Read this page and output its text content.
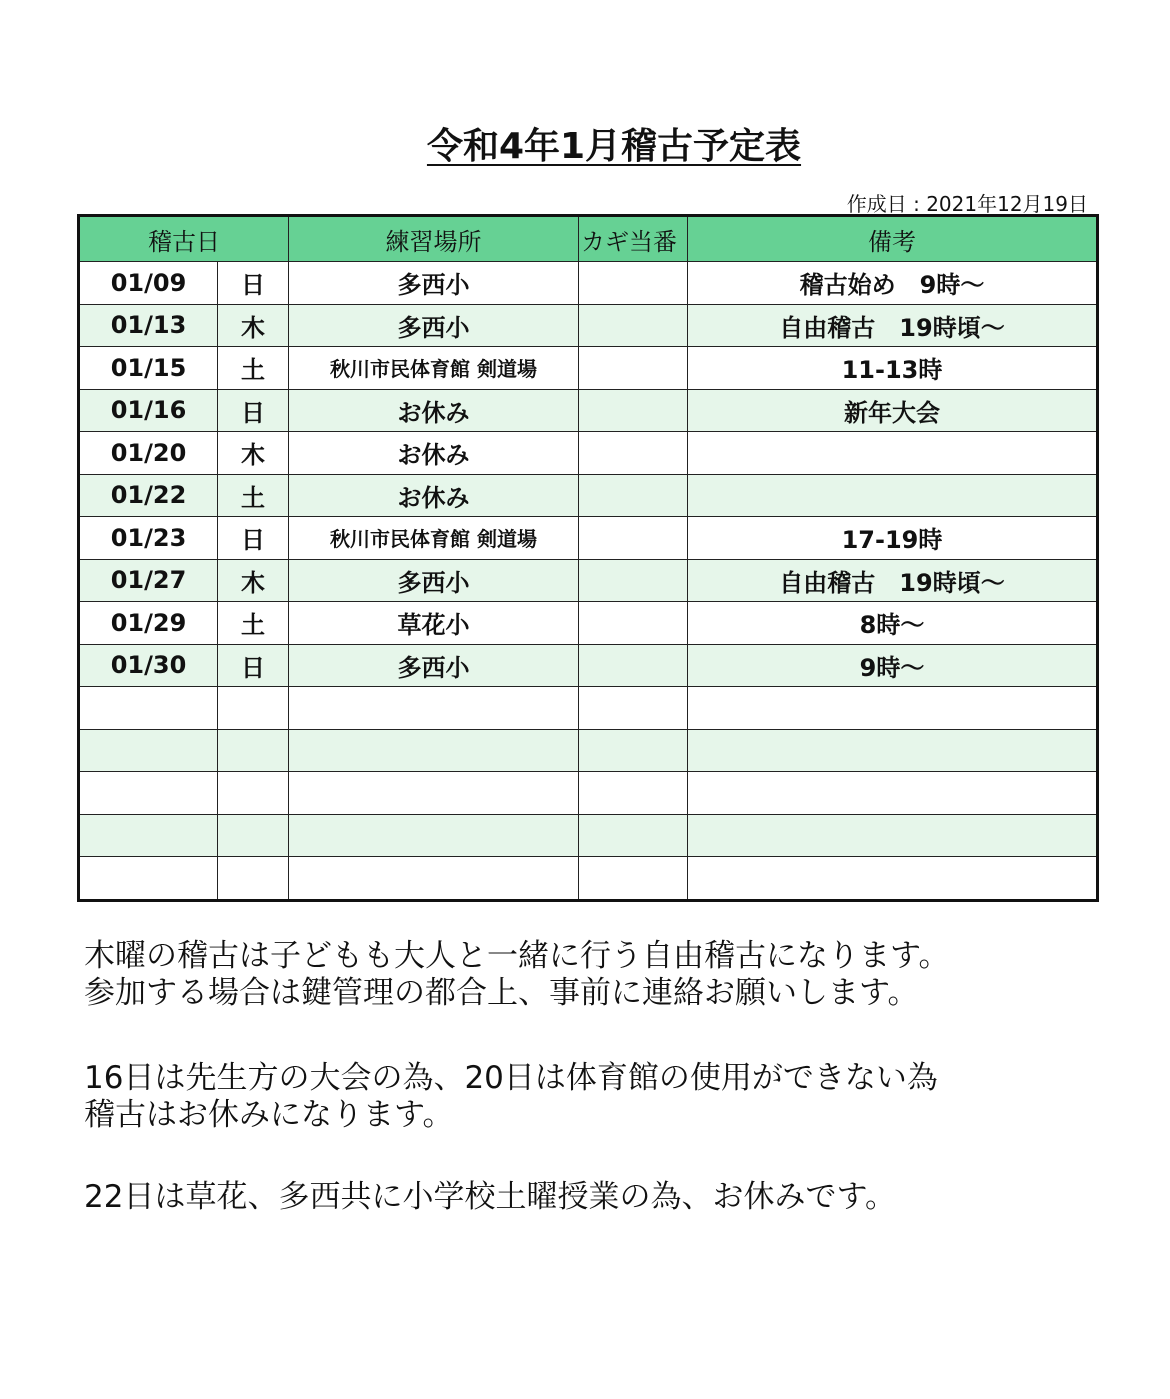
令和4年1月稽古予定表
作成日 : 2021年12月19日
稽古日		練習場所	カギ当番	備考
01/09	日	多西小		稽古始め　9時～
01/13	木	多西小		自由稽古　19時頃～
01/15	土	秋川市民体育館 剣道場		11-13時
01/16	日	お休み		新年大会
01/20	木	お休み		
01/22	土	お休み		
01/23	日	秋川市民体育館 剣道場		17-19時
01/27	木	多西小		自由稽古　19時頃～
01/29	土	草花小		8時～
01/30	日	多西小		9時～

木曜の稽古は子どもも大人と一緒に行う自由稽古になります。

参加する場合は鍵管理の都合上、事前に連絡お願いします。

16日は先生方の大会の為、20日は体育館の使用ができない為

稽古はお休みになります。

22日は草花、多西共に小学校土曜授業の為、お休みです。
